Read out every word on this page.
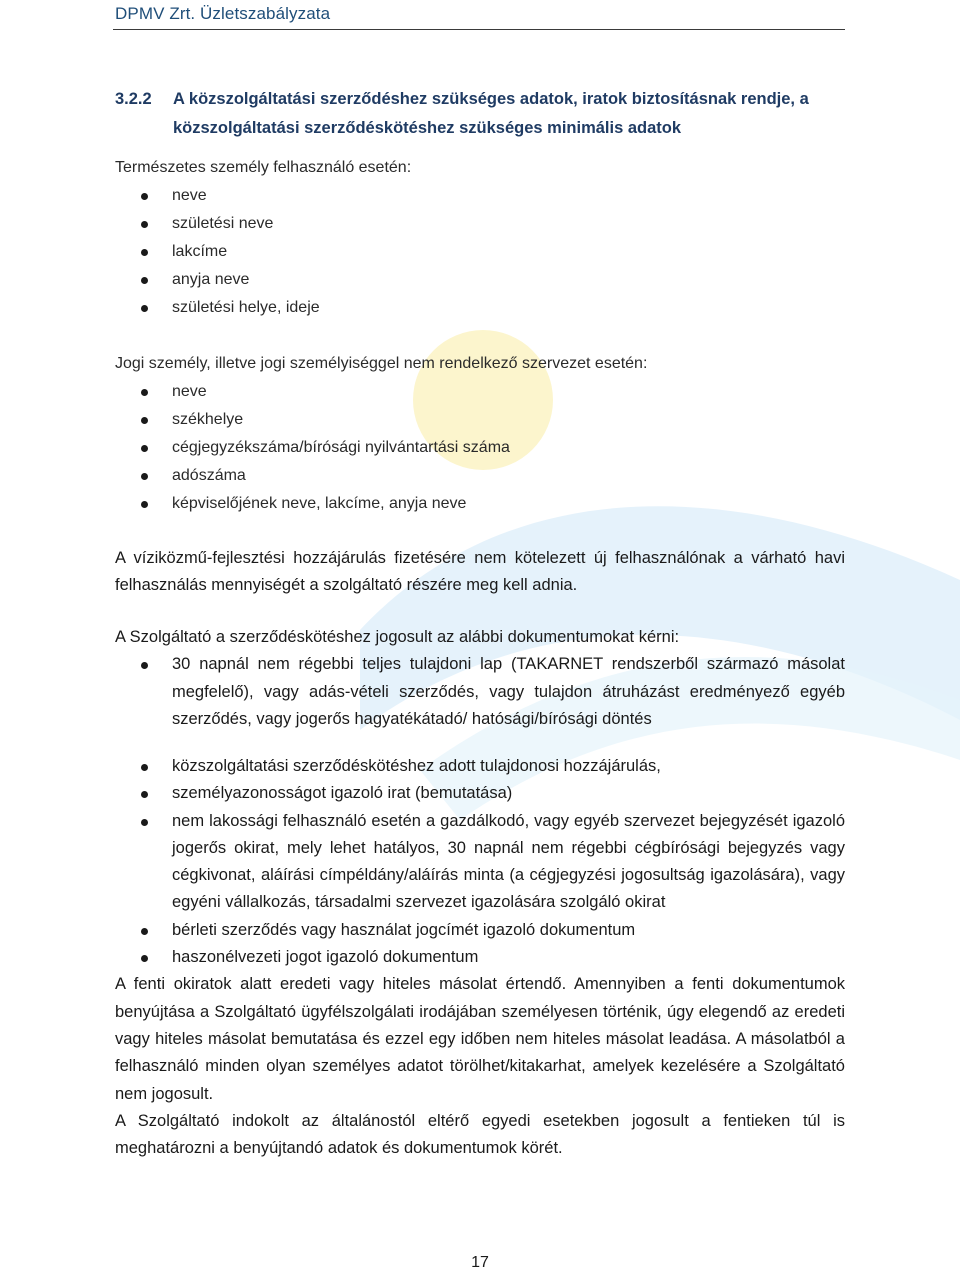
DPMV Zrt. Üzletszabályzata
3.2.2 A közszolgáltatási szerződéshez szükséges adatok, iratok biztosításnak rendje, a
közszolgáltatási szerződéskötéshez szükséges minimális adatok

Természetes személy felhasználó esetén:

neve
születési neve
lakcíme
anyja neve
születési helye, ideje

Jogi személy, illetve jogi személyiséggel nem rendelkező szervezet esetén:

neve
székhelye
cégjegyzékszáma/bírósági nyilvántartási száma
adószáma
képviselőjének neve, lakcíme, anyja neve

A víziközmű-fejlesztési hozzájárulás fizetésére nem kötelezett új felhasználónak a várható havi felhasználás mennyiségét a szolgáltató részére meg kell adnia.

A Szolgáltató a szerződéskötéshez jogosult az alábbi dokumentumokat kérni:

30 napnál nem régebbi teljes tulajdoni lap (TAKARNET rendszerből származó másolat megfelelő), vagy adás-vételi szerződés, vagy tulajdon átruházást eredményező egyéb szerződés, vagy jogerős hagyatékátadó/ hatósági/bírósági döntés
közszolgáltatási szerződéskötéshez adott tulajdonosi hozzájárulás,
személyazonosságot igazoló irat (bemutatása)
nem lakossági felhasználó esetén a gazdálkodó, vagy egyéb szervezet bejegyzését igazoló jogerős okirat, mely lehet hatályos, 30 napnál nem régebbi cégbírósági bejegyzés vagy cégkivonat, aláírási címpéldány/aláírás minta (a cégjegyzési jogosultság igazolására), vagy egyéni vállalkozás, társadalmi szervezet igazolására szolgáló okirat
bérleti szerződés vagy használat jogcímét igazoló dokumentum
haszonélvezeti jogot igazoló dokumentum

A fenti okiratok alatt eredeti vagy hiteles másolat értendő. Amennyiben a fenti dokumentumok benyújtása a Szolgáltató ügyfélszolgálati irodájában személyesen történik, úgy elegendő az eredeti vagy hiteles másolat bemutatása és ezzel egy időben nem hiteles másolat leadása. A másolatból a felhasználó minden olyan személyes adatot törölhet/kitakarhat, amelyek kezelésére a Szolgáltató nem jogosult.

A Szolgáltató indokolt az általánostól eltérő egyedi esetekben jogosult a fentieken túl is meghatározni a benyújtandó adatok és dokumentumok körét.

17
